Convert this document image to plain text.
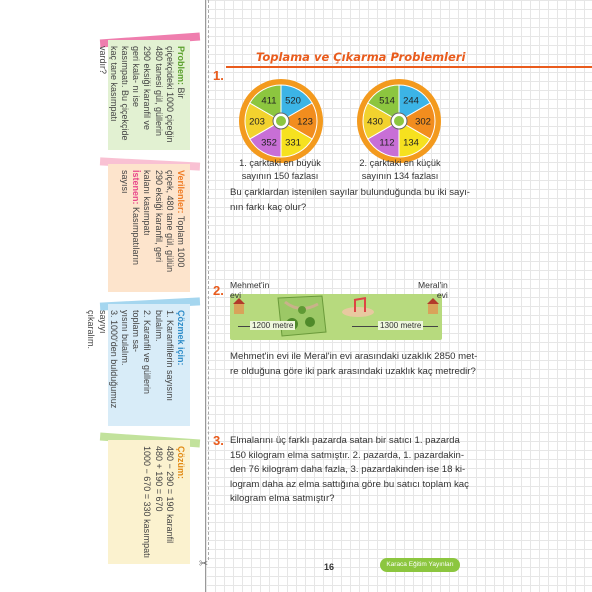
Problem: Bir çiçekçideki 1000 çiçeğin 480 tanesi gül, güllerin 290 eksiği karanfil ve geri kala- nı ise kasımpatı. Bu çiçekçide kaç tane kasımpatı vardır?
Verilenler: Toplam 1000 çiçek, 480 tane gül, gülün 290 eksiği karanfil, geri kalanı kasımpatı
İstenen: Kasımpatıların sayısı
Çözmek için:
1. Karanfillerin sayısını bulalım.
2. Karanfil ve güllerin toplam sa-
yısını bulalım.
3. 1000'den bulduğumuz sayıyı
çıkaralım.
Çözüm:
480 − 290 = 190 karanfil
480 + 190 = 670
1000 − 670 = 330 kasımpatı
✂
Toplama ve Çıkarma Problemleri
1.
520
123
331
352
203
411	244
302
134
112
430
514
1. çarktaki en büyük
sayının 150 fazlası
2. çarktaki en küçük
sayının 134 fazlası
Bu çarklardan istenilen sayılar bulunduğunda bu iki sayı-
nın farkı kaç olur?
2. Mehmet'in
evi
Meral'in
evi
1200 metre	1300 metre
Mehmet'in evi ile Meral'in evi arasındaki uzaklık 2850 met-
re olduğuna göre iki park arasındaki uzaklık kaç metredir?
3. Elmalarını üç farklı pazarda satan bir satıcı 1. pazarda
150 kilogram elma satmıştır. 2. pazarda, 1. pazardakin-
den 76 kilogram daha fazla, 3. pazardakinden ise 18 ki-
logram daha az elma sattığına göre bu satıcı toplam kaç
kilogram elma satmıştır?
16	Karaca Eğitim Yayınları
